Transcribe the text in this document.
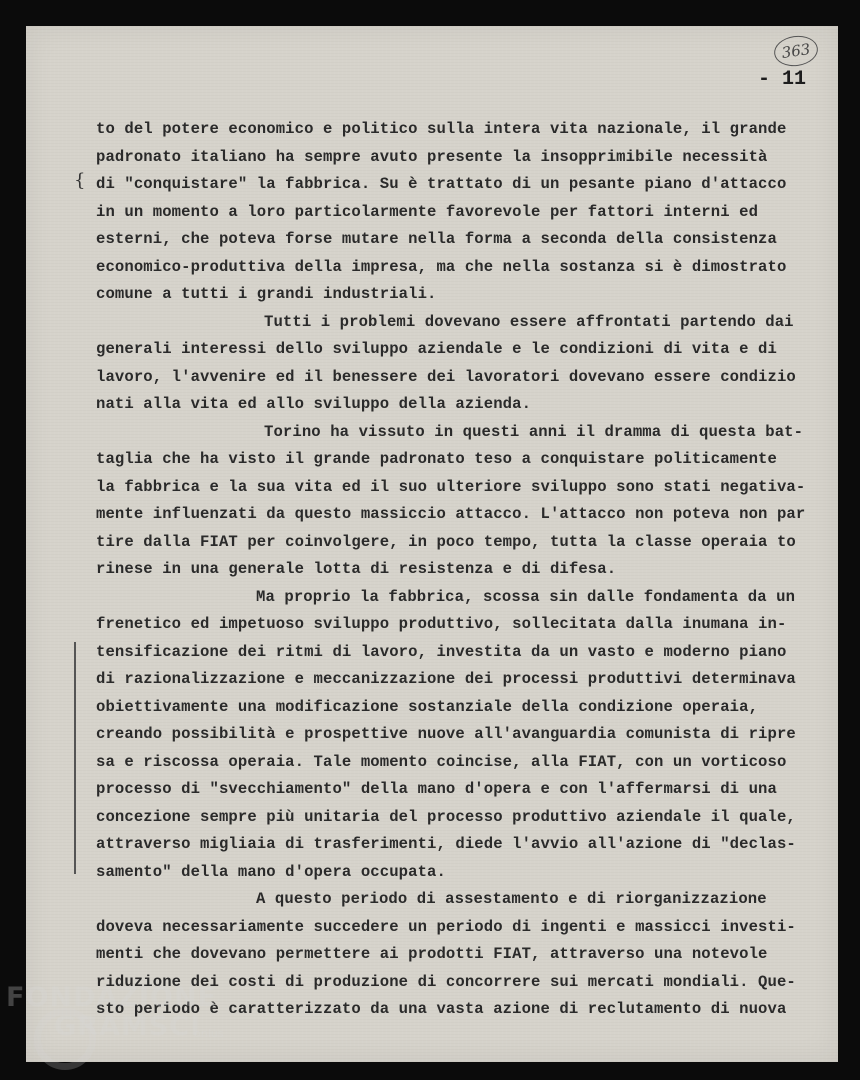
363
- 11
{
to del potere economico e politico sulla intera vita nazionale, il grande
padronato italiano ha sempre avuto presente la insopprimibile necessità
di "conquistare" la fabbrica. Su è trattato di un pesante piano d'attacco
in un momento a loro particolarmente favorevole per fattori interni ed
esterni, che poteva forse mutare nella forma a seconda della consistenza
economico-produttiva della impresa, ma che nella sostanza si è dimostrato
comune a tutti i grandi industriali.
Tutti i problemi dovevano essere affrontati partendo dai
generali interessi dello sviluppo aziendale e le condizioni di vita e di
lavoro, l'avvenire ed il benessere dei lavoratori dovevano essere condizio
nati alla vita ed allo sviluppo della azienda.
Torino ha vissuto in questi anni il dramma di questa bat-
taglia che ha visto il grande padronato teso a conquistare politicamente
la fabbrica e la sua vita ed il suo ulteriore sviluppo sono stati negativa-
mente influenzati da questo massiccio attacco. L'attacco non poteva non par
tire dalla FIAT per coinvolgere, in poco tempo, tutta la classe operaia to
rinese in una generale lotta di resistenza e di difesa.
Ma proprio la fabbrica, scossa sin dalle fondamenta da un
frenetico ed impetuoso sviluppo produttivo, sollecitata dalla inumana in-
tensificazione dei ritmi di lavoro, investita da un vasto e moderno piano
di razionalizzazione e meccanizzazione dei processi produttivi determinava
obiettivamente una modificazione sostanziale della condizione operaia,
creando possibilità e prospettive nuove all'avanguardia comunista di ripre
sa e riscossa operaia. Tale momento coincise, alla FIAT, con un vorticoso
processo di "svecchiamento" della mano d'opera e con l'affermarsi di una
concezione sempre più unitaria del processo produttivo aziendale il quale,
attraverso migliaia di trasferimenti, diede l'avvio all'azione di "declas-
samento" della mano d'opera occupata.
A questo periodo di assestamento e di riorganizzazione
doveva necessariamente succedere un periodo di ingenti e massicci investi-
menti che dovevano permettere ai prodotti FIAT, attraverso una notevole
riduzione dei costi di produzione di concorrere sui mercati mondiali. Que-
sto periodo è caratterizzato da una vasta azione di reclutamento di nuova
FONDAZIONE
GRAMSCI
onlus
